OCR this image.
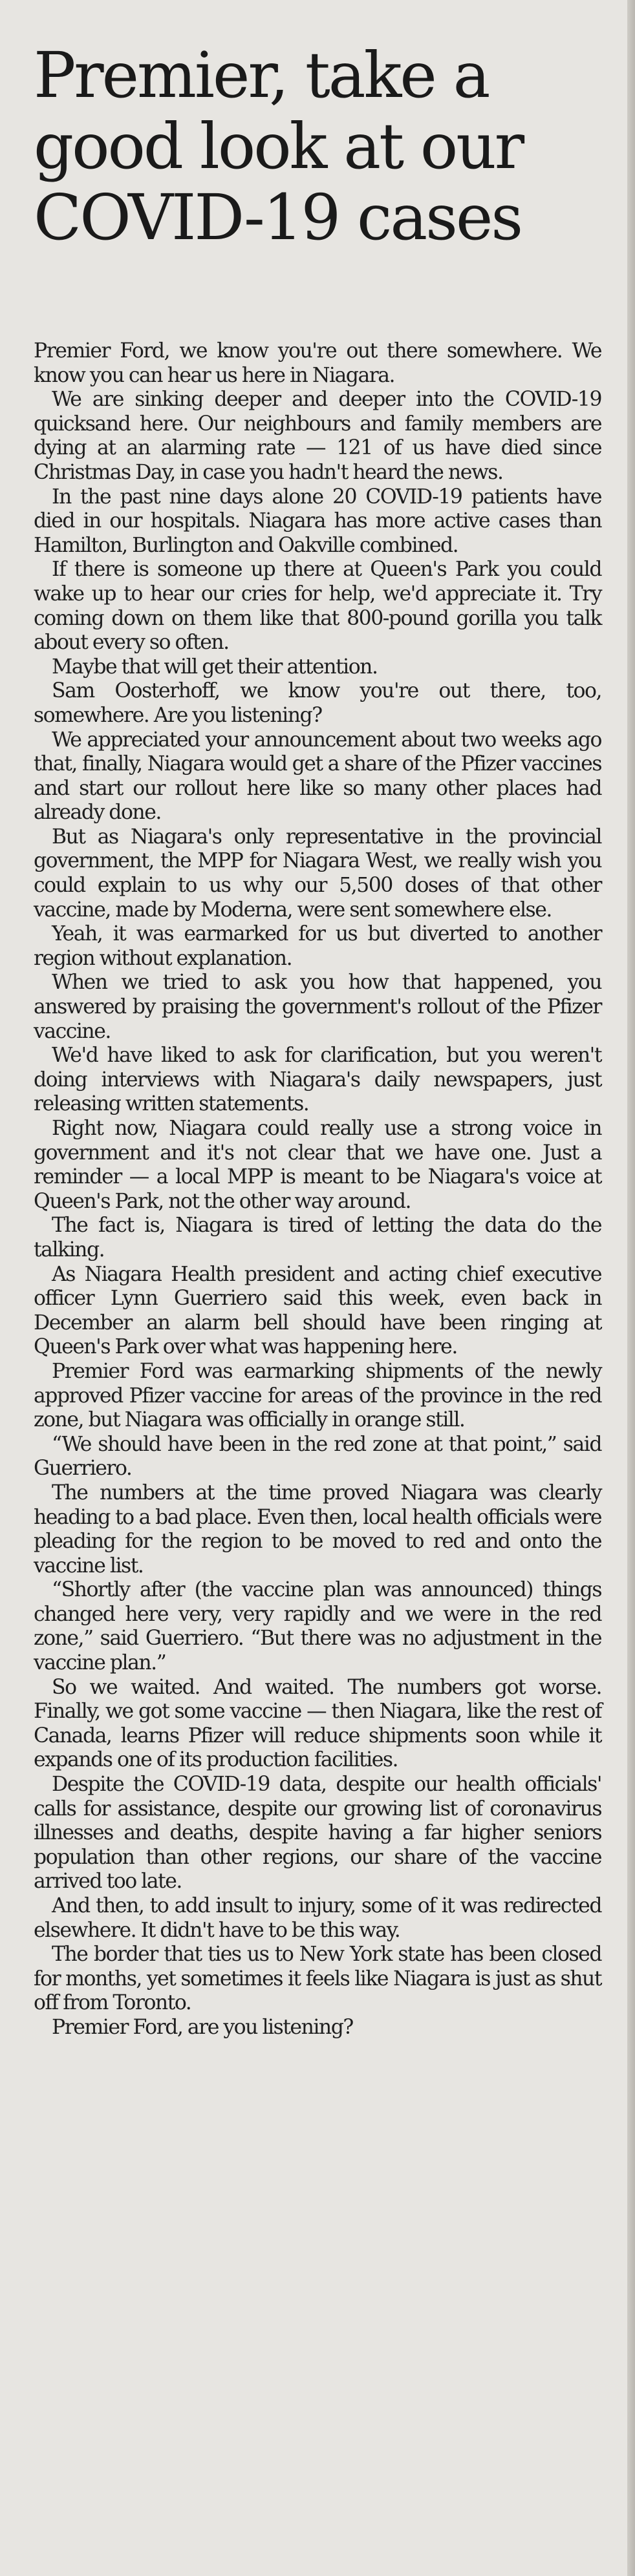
Premier, take a
good look at our
COVID-19 cases

Premier Ford, we know you're out there somewhere. We know you can hear us here in Niagara.

We are sinking deeper and deeper into the COVID-19 quicksand here. Our neighbours and family members are dying at an alarming rate — 121 of us have died since Christmas Day, in case you hadn't heard the news.

In the past nine days alone 20 COVID-19 patients have died in our hospitals. Niagara has more active cases than Hamilton, Burlington and Oakville combined.

If there is someone up there at Queen's Park you could wake up to hear our cries for help, we'd appreciate it. Try coming down on them like that 800-pound gorilla you talk about every so often.

Maybe that will get their attention.

Sam Oosterhoff, we know you're out there, too, somewhere. Are you listening?

We appreciated your announcement about two weeks ago that, finally, Niagara would get a share of the Pfizer vaccines and start our rollout here like so many other places had already done.

But as Niagara's only representative in the provincial government, the MPP for Niagara West, we really wish you could explain to us why our 5,500 doses of that other vaccine, made by Moderna, were sent somewhere else.

Yeah, it was earmarked for us but diverted to another region without explanation.

When we tried to ask you how that happened, you answered by praising the government's rollout of the Pfizer vaccine.

We'd have liked to ask for clarification, but you weren't doing interviews with Niagara's daily newspapers, just releasing written statements.

Right now, Niagara could really use a strong voice in government and it's not clear that we have one. Just a reminder — a local MPP is meant to be Niagara's voice at Queen's Park, not the other way around.

The fact is, Niagara is tired of letting the data do the talking.

As Niagara Health president and acting chief executive officer Lynn Guerriero said this week, even back in December an alarm bell should have been ringing at Queen's Park over what was happening here.

Premier Ford was earmarking shipments of the newly approved Pfizer vaccine for areas of the province in the red zone, but Niagara was officially in orange still.

“We should have been in the red zone at that point,” said Guerriero.

The numbers at the time proved Niagara was clearly heading to a bad place. Even then, local health officials were pleading for the region to be moved to red and onto the vaccine list.

“Shortly after (the vaccine plan was announced) things changed here very, very rapidly and we were in the red zone,” said Guerriero. “But there was no adjustment in the vaccine plan.”

So we waited. And waited. The numbers got worse. Finally, we got some vaccine — then Niagara, like the rest of Canada, learns Pfizer will reduce shipments soon while it expands one of its production facilities.

Despite the COVID-19 data, despite our health officials' calls for assistance, despite our growing list of coronavirus illnesses and deaths, despite having a far higher seniors population than other regions, our share of the vaccine arrived too late.

And then, to add insult to injury, some of it was redirected elsewhere. It didn't have to be this way.

The border that ties us to New York state has been closed for months, yet sometimes it feels like Niagara is just as shut off from Toronto.

Premier Ford, are you listening?
